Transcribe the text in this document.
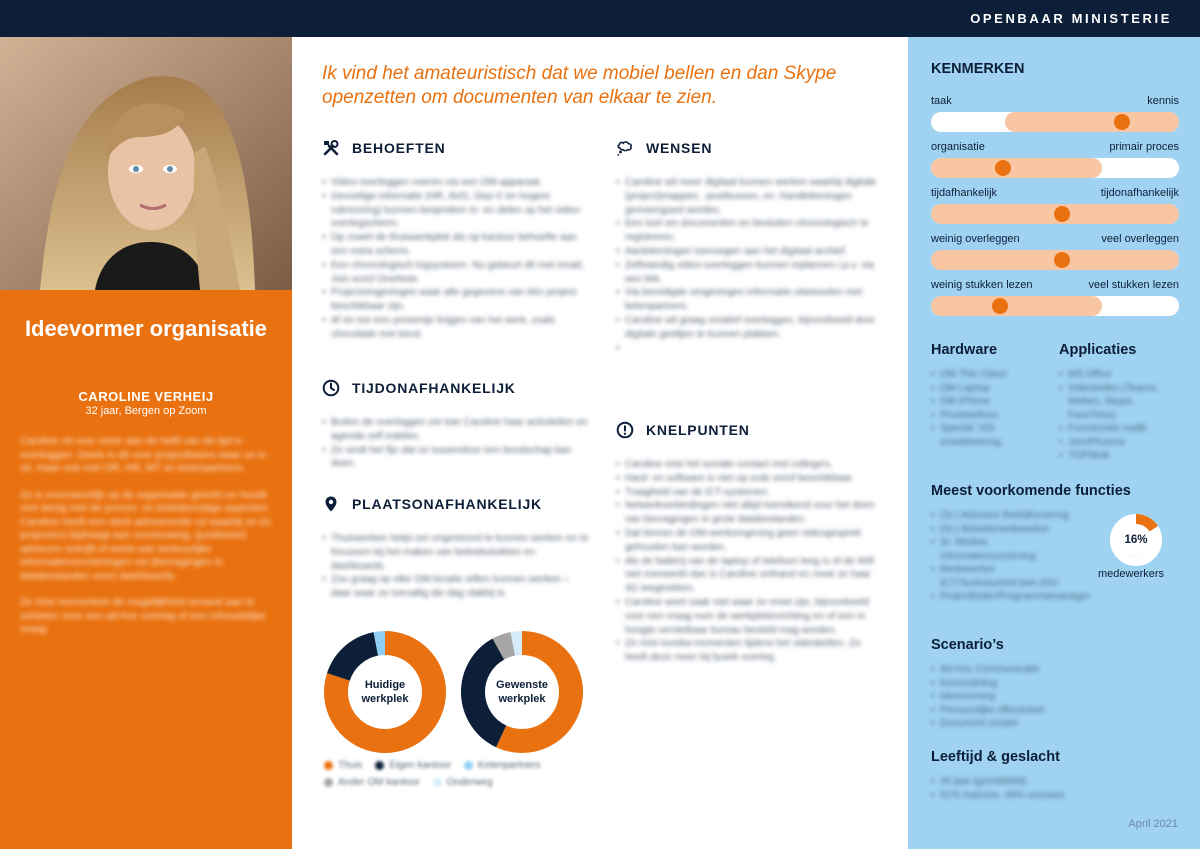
OPENBAAR MINISTERIE
Ideevormer organisatie
CAROLINE VERHEIJ
32 jaar, Bergen op Zoom

Caroline zit voor meer dan de helft van de tijd in overleggen. Deels is dit voor projectteams waar ze in zit, maar ook met OR, HR, MT en ketenpartners.

Ze is voornamelijk op de organisatie gericht en houdt zich bezig met de proces- en beleidsmatige aspecten. Caroline heeft een sterk adviserende rol waarbij ze (in projecten) bijdraagt aan vernieuwing, (juridische) adviezen schrijft of werkt aan bestuurlijke informatievoorzieningen via (bevragingen in databestanden voor) dashboards.

Ze mist momenteel de mogelijkheid iemand aan te schieten voor een ad-hoc overleg of een inhoudelijke vraag.

Ik vind het amateuristisch dat we mobiel bellen en dan Skype openzetten om documenten van elkaar te zien.
BEHOEFTEN
• Video-overleggen voeren via een OM-apparaat.
• Gevoelige informatie (HR, AVG, Dep-V en hogere rubricering) kunnen bespreken in- en delen op het video-overlegscherm.
• Op zowel de thuiswerkplek als op kantoor behoefte aan een extra scherm.
• Een chronologisch logsysteem. Nu gebeurt dit met email, Join en/of OneNote.
• Projectomgevingen waar alle gegevens van één project beschikbaar zijn.
• Af en toe een presentje krijgen van het werk, zoals chocolade met kerst.
TIJDONAFHANKELIJK
• Buiten de overleggen om kan Caroline haar activiteiten en agenda zelf indelen.
• Ze vindt het fijn dat ze tussendoor een boodschap kan doen.
PLAATSONAFHANKELIJK
• Thuiswerken helpt om ongestoord te kunnen werken en te focussen bij het maken van beleidsstukken en dashboards.
• Zou graag op elke OM-locatie willen kunnen werken – daar waar ze toevallig die dag vlakbij is.
WENSEN
• Caroline wil meer digitaal kunnen werken waarbij digitale (project)mappen, -postbussen, en -handtekeningen gemeengoed worden.
• Een tool om documenten en besluiten chronologisch te registreren.
• Aantekeningen toevoegen aan het digitaal archief.
• Zelfstandig video-overleggen kunnen inplannen i.p.v. via een MA.
• Via beveiligde omgevingen informatie uitwisselen met ketenpartners.
• Caroline wil graag creatief overleggen, bijvoorbeeld door digitale geeltjes te kunnen plakken.
•
KNELPUNTEN
• Caroline mist het sociale contact met collega's.
• Hard- en software is niet op orde en/of beschikbaar.
• Traagheid van de ICT-systemen.
• Netwerkverbindingen niet altijd toereikend voor het doen van bevragingen in grote databestanden.
• Dat binnen de OM-werkomgeving geen videogesprek gehouden kan worden.
• Als de batterij van de laptop of telefoon leeg is of de Wifi niet meewerkt dan is Caroline onthand en moet ze haar 4G leegtrekken.
• Caroline weet vaak niet waar ze moet zijn, bijvoorbeeld voor een vraag over de werkplekinrichting en of een in hoogte verstelbaar bureau besteld mag worden.
• Ze mist eureka-momenten tijdens het videobellen. Ze heeft deze meer bij fysiek overleg
Huidige
werkplek
Gewenste
werkplek
Thuis
	Eigen kantoor
	Ketenpartners

Ander OM kantoor
	Onderweg
KENMERKEN
taak	kennis
organisatie	primair proces
tijdafhankelijk	tijdonafhankelijk
weinig overleggen	veel overleggen
weinig stukken lezen	veel stukken lezen
Hardware
• OM Thin Client
• OM Laptop
• OM iPhone
• Privételefoon
• Special: VDI ontwikkelomg.
Applicaties
• MS Office
• Videobellen (Teams, Webex, Skype, FaceTime)
• Functionele mailb.
• Join/Phoenix
• TOPdesk
Meest voorkomende functies
• (Sr.) Adviseur Bedrijfsvoering
• (Sr.) Beleidsmedewerker
• Sr. Medew. Informatievoorziening
• Medewerker ICT/Technisch/Inf.beh./DIV
• Projectleider/Programmamanager
16%
medewerkers
Scenario’s
• Ad Hoc Communicatie
• Kennisdeling
• Ideevorming
• Persoonlijke effectiviteit
• Document creatie
Leeftijd & geslacht
• 46 jaar (gemiddeld)
• 51% mannen, 49% vrouwen
April 2021
